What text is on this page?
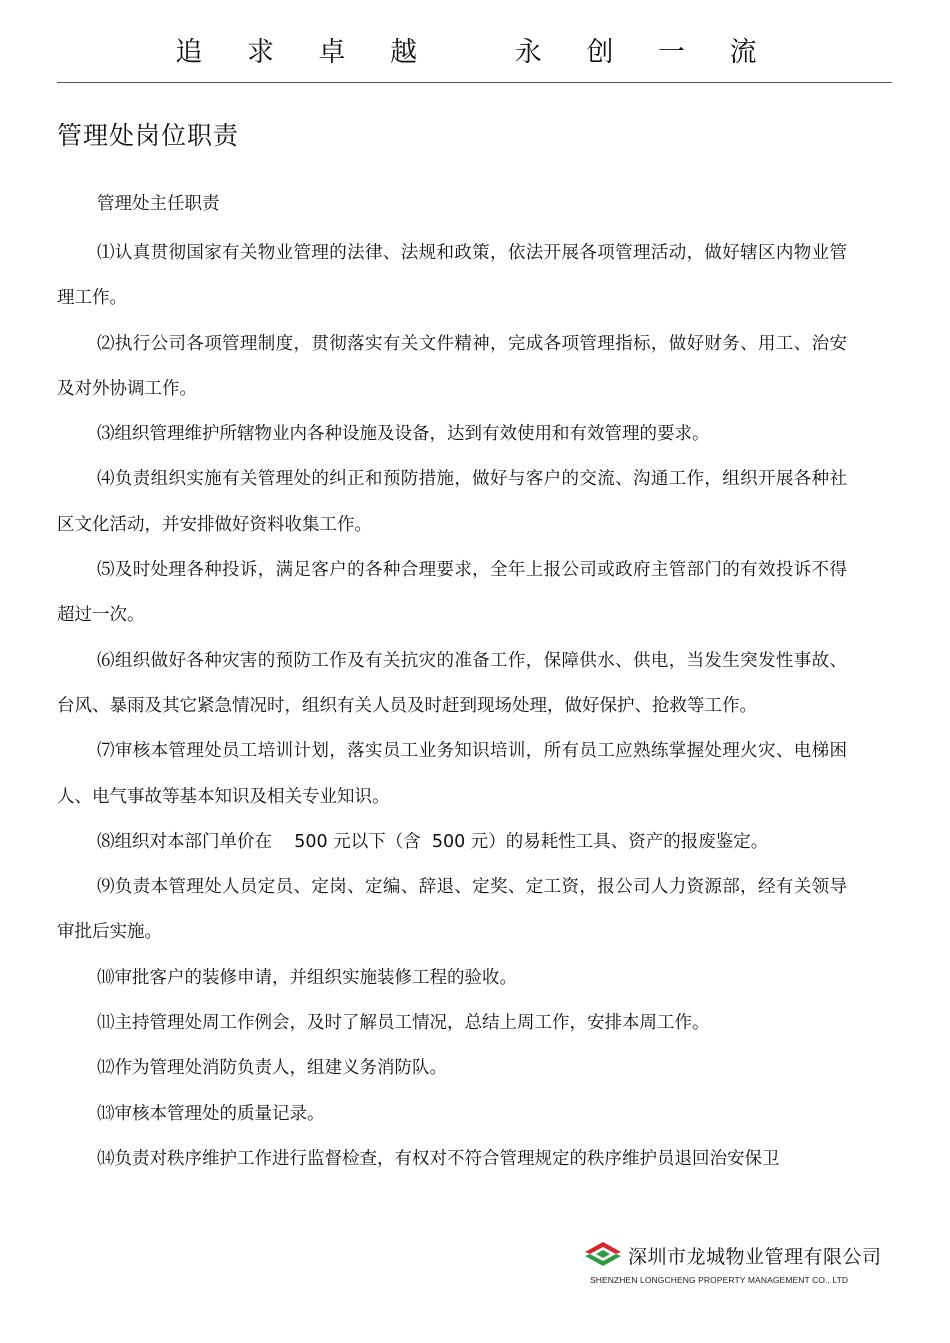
追 求 卓 越   永 创 一 流
管理处岗位职责
管理处主任职责

⑴认真贯彻国家有关物业管理的法律、法规和政策，依法开展各项管理活动，做好辖区内物业管理工作。

⑵执行公司各项管理制度，贯彻落实有关文件精神，完成各项管理指标，做好财务、用工、治安及对外协调工作。

⑶组织管理维护所辖物业内各种设施及设备，达到有效使用和有效管理的要求。

⑷负责组织实施有关管理处的纠正和预防措施，做好与客户的交流、沟通工作，组织开展各种社区文化活动，并安排做好资料收集工作。

⑸及时处理各种投诉，满足客户的各种合理要求，全年上报公司或政府主管部门的有效投诉不得超过一次。

⑹组织做好各种灾害的预防工作及有关抗灾的准备工作，保障供水、供电，当发生突发性事故、台风、暴雨及其它紧急情况时，组织有关人员及时赶到现场处理，做好保护、抢救等工作。

⑺审核本管理处员工培训计划，落实员工业务知识培训，所有员工应熟练掌握处理火灾、电梯困人、电气事故等基本知识及相关专业知识。

⑻组织对本部门单价在    500 元以下（含  500 元）的易耗性工具、资产的报废鉴定。

⑼负责本管理处人员定员、定岗、定编、辞退、定奖、定工资，报公司人力资源部，经有关领导审批后实施。

⑽审批客户的装修申请，并组织实施装修工程的验收。

⑾主持管理处周工作例会，及时了解员工情况，总结上周工作，安排本周工作。

⑿作为管理处消防负责人，组建义务消防队。

⒀审核本管理处的质量记录。

⒁负责对秩序维护工作进行监督检查，有权对不符合管理规定的秩序维护员退回治安保卫

深圳市龙城物业管理有限公司
SHENZHEN LONGCHENG PROPERTY MANAGEMENT CO., LTD
